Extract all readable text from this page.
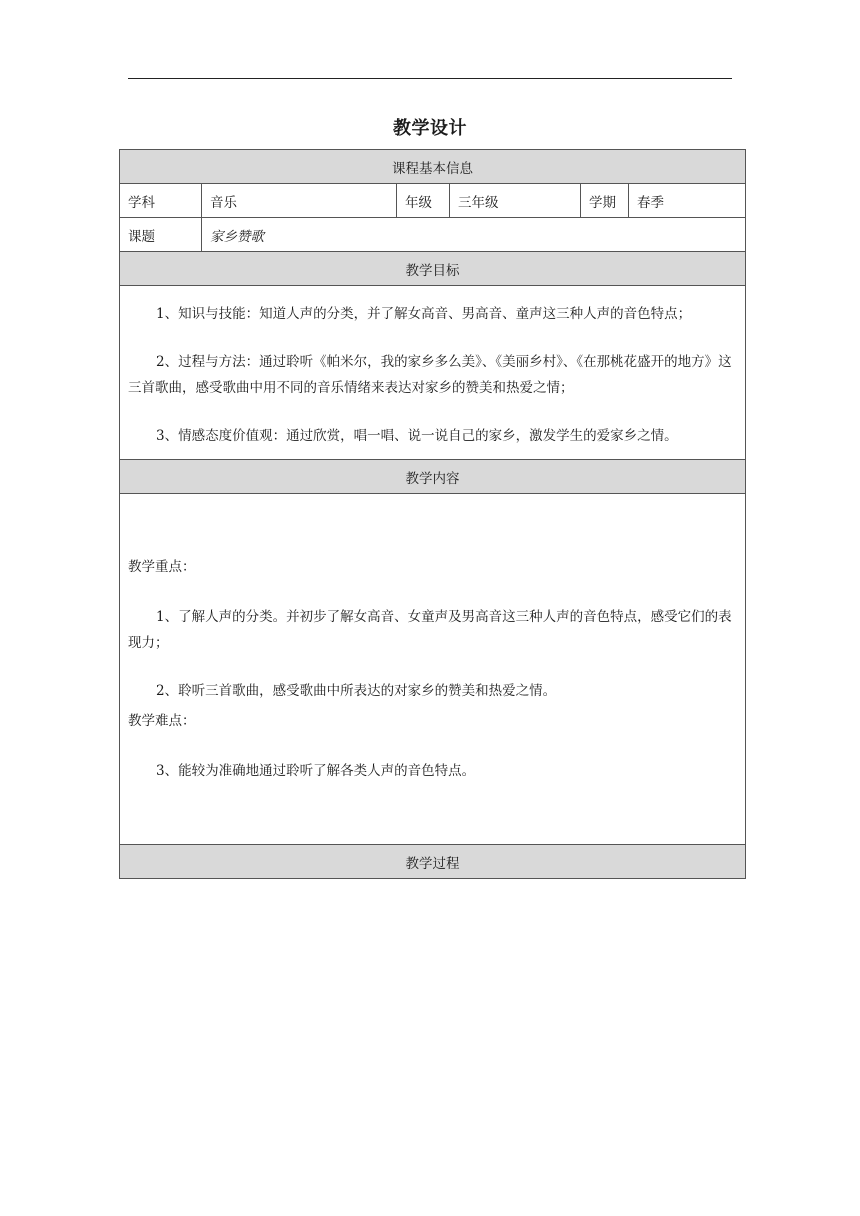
教学设计
课程基本信息					
学科	音乐	年级	三年级	学期	春季
课题	家乡赞歌				
教学目标					

1、知识与技能：知道人声的分类，并了解女高音、男高音、童声这三种人声的音色特点；
2、过程与方法：通过聆听《帕米尔，我的家乡多么美》、《美丽乡村》、《在那桃花盛开的地方》这三首歌曲，感受歌曲中用不同的音乐情绪来表达对家乡的赞美和热爱之情；
3、情感态度价值观：通过欣赏，唱一唱、说一说自己的家乡，激发学生的爱家乡之情。					

教学内容					

教学重点：
1、了解人声的分类。并初步了解女高音、女童声及男高音这三种人声的音色特点，感受它们的表现力；
2、聆听三首歌曲，感受歌曲中所表达的对家乡的赞美和热爱之情。
教学难点：
3、能较为准确地通过聆听了解各类人声的音色特点。					

教学过程					
